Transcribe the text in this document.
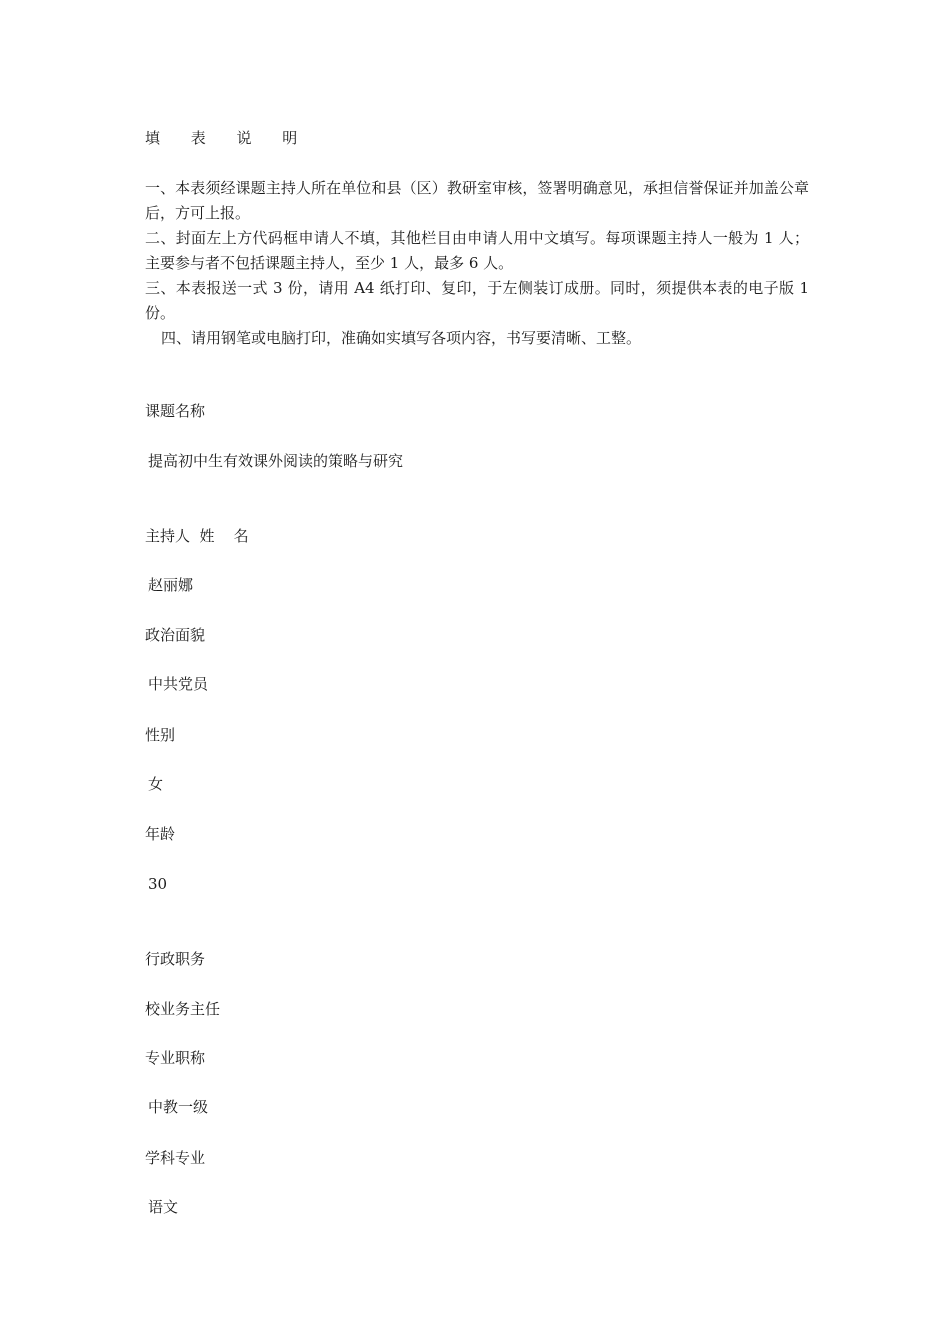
填 表 说 明
一、本表须经课题主持人所在单位和县（区）教研室审核，签署明确意见，承担信誉保证并加盖公章后，方可上报。
二、封面左上方代码框申请人不填，其他栏目由申请人用中文填写。每项课题主持人一般为 1 人；主要参与者不包括课题主持人，至少 1 人，最多 6 人。
三、本表报送一式 3 份，请用 A4 纸打印、复印，于左侧装订成册。同时，须提供本表的电子版 1 份。
四、请用钢笔或电脑打印，准确如实填写各项内容，书写要清晰、工整。
课题名称
提高初中生有效课外阅读的策略与研究
主持人  姓    名
赵丽娜
政治面貌
中共党员
性别
女
年龄
30
行政职务
校业务主任
专业职称
中教一级
学科专业
语文
